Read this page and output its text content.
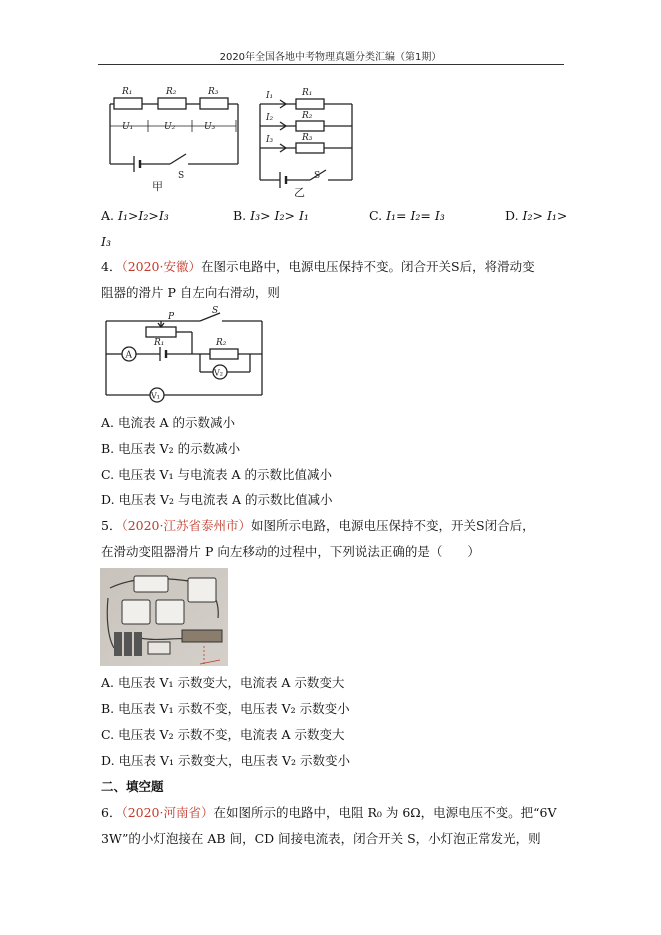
2020年全国各地中考物理真题分类汇编（第1期）
R₁	R₂	R₃
U₁	U₂	U₃
S
甲
I₁
I₂
I₃
R₁
R₂
R₃
S
乙
A. I₁>I₂>I₃	B. I₃> I₂> I₁	C. I₁= I₂= I₃	D. I₂> I₁>
I₃
4．（2020·安徽）在图示电路中，电源电压保持不变。闭合开关S后，将滑动变
阻器的滑片 P 自左向右滑动，则
P
S
R₁	R₂
A
V₂
V₁
A. 电流表 A 的示数减小
B. 电压表 V₂ 的示数减小
C. 电压表 V₁ 与电流表 A 的示数比值减小
D. 电压表 V₂ 与电流表 A 的示数比值减小
5．（2020·江苏省泰州市）如图所示电路，电源电压保持不变，开关S闭合后，
在滑动变阻器滑片 P 向左移动的过程中，下列说法正确的是（　　）
A. 电压表 V₁ 示数变大，电流表 A 示数变大
B. 电压表 V₁ 示数不变，电压表 V₂ 示数变小
C. 电压表 V₂ 示数不变，电流表 A 示数变大
D. 电压表 V₁ 示数变大，电压表 V₂ 示数变小
二、填空题
6．（2020·河南省）在如图所示的电路中，电阻 R₀ 为 6Ω，电源电压不变。把“6V
3W”的小灯泡接在 AB 间，CD 间接电流表，闭合开关 S，小灯泡正常发光，则
